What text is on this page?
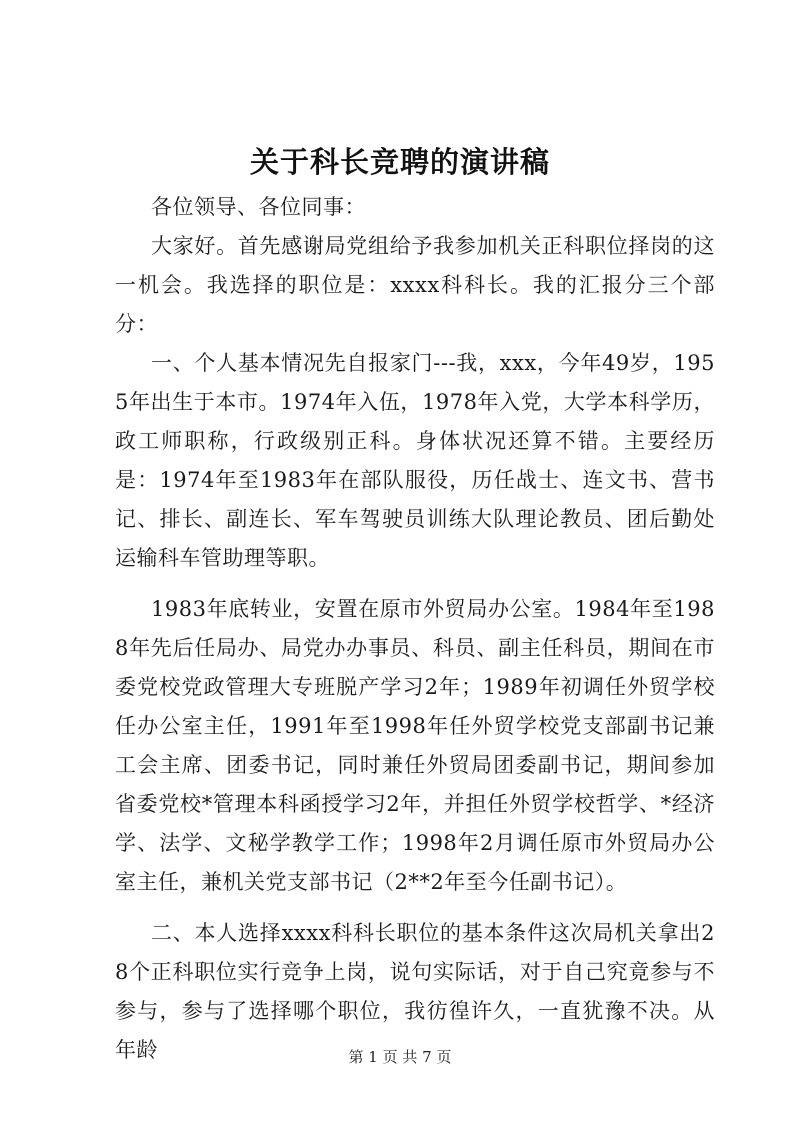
关于科长竞聘的演讲稿

各位领导、各位同事：

大家好。首先感谢局党组给予我参加机关正科职位择岗的这一机会。我选择的职位是：xxxx科科长。我的汇报分三个部分：

一、个人基本情况先自报家门---我，xxx，今年49岁，1955年出生于本市。1974年入伍，1978年入党，大学本科学历，政工师职称，行政级别正科。身体状况还算不错。主要经历是：1974年至1983年在部队服役，历任战士、连文书、营书记、排长、副连长、军车驾驶员训练大队理论教员、团后勤处运输科车管助理等职。

1983年底转业，安置在原市外贸局办公室。1984年至1988年先后任局办、局党办办事员、科员、副主任科员，期间在市委党校党政管理大专班脱产学习2年；1989年初调任外贸学校任办公室主任，1991年至1998年任外贸学校党支部副书记兼工会主席、团委书记，同时兼任外贸局团委副书记，期间参加省委党校*管理本科函授学习2年，并担任外贸学校哲学、*经济学、法学、文秘学教学工作；1998年2月调任原市外贸局办公室主任，兼机关党支部书记（2**2年至今任副书记）。

二、本人选择xxxx科科长职位的基本条件这次局机关拿出28个正科职位实行竞争上岗，说句实际话，对于自己究竟参与不参与，参与了选择哪个职位，我彷徨许久，一直犹豫不决。从年龄	第 1 页 共 7 页
